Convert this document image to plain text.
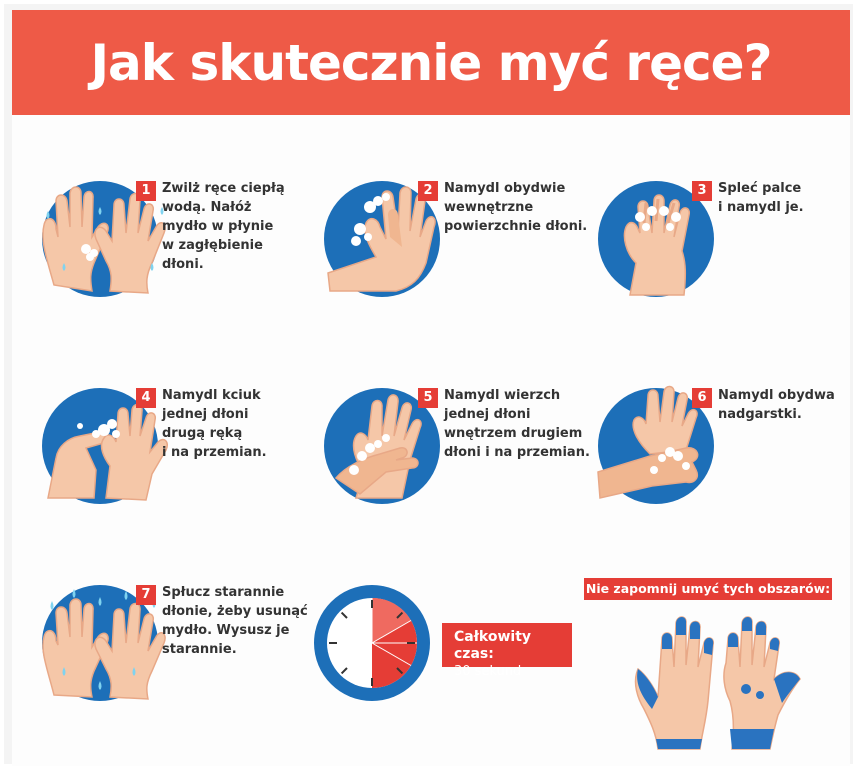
Jak skutecznie myć ręce?
1 Zwilż ręce ciepłą
wodą. Nałóż
mydło w płynie
w zagłębienie
dłoni.
2 Namydl obydwie
wewnętrzne
powierzchnie dłoni.
3 Spleć palce
i namydl je.
4 Namydl kciuk
jednej dłoni
drugą ręką
i na przemian.
5 Namydl wierzch
jednej dłoni
wnętrzem drugiem
dłoni i na przemian.
6 Namydl obydwa
nadgarstki.
7 Spłucz starannie
dłonie, żeby usunąć
mydło. Wysusz je
starannie.
Całkowity czas:
30 sekund
Nie zapomnij umyć tych obszarów:
